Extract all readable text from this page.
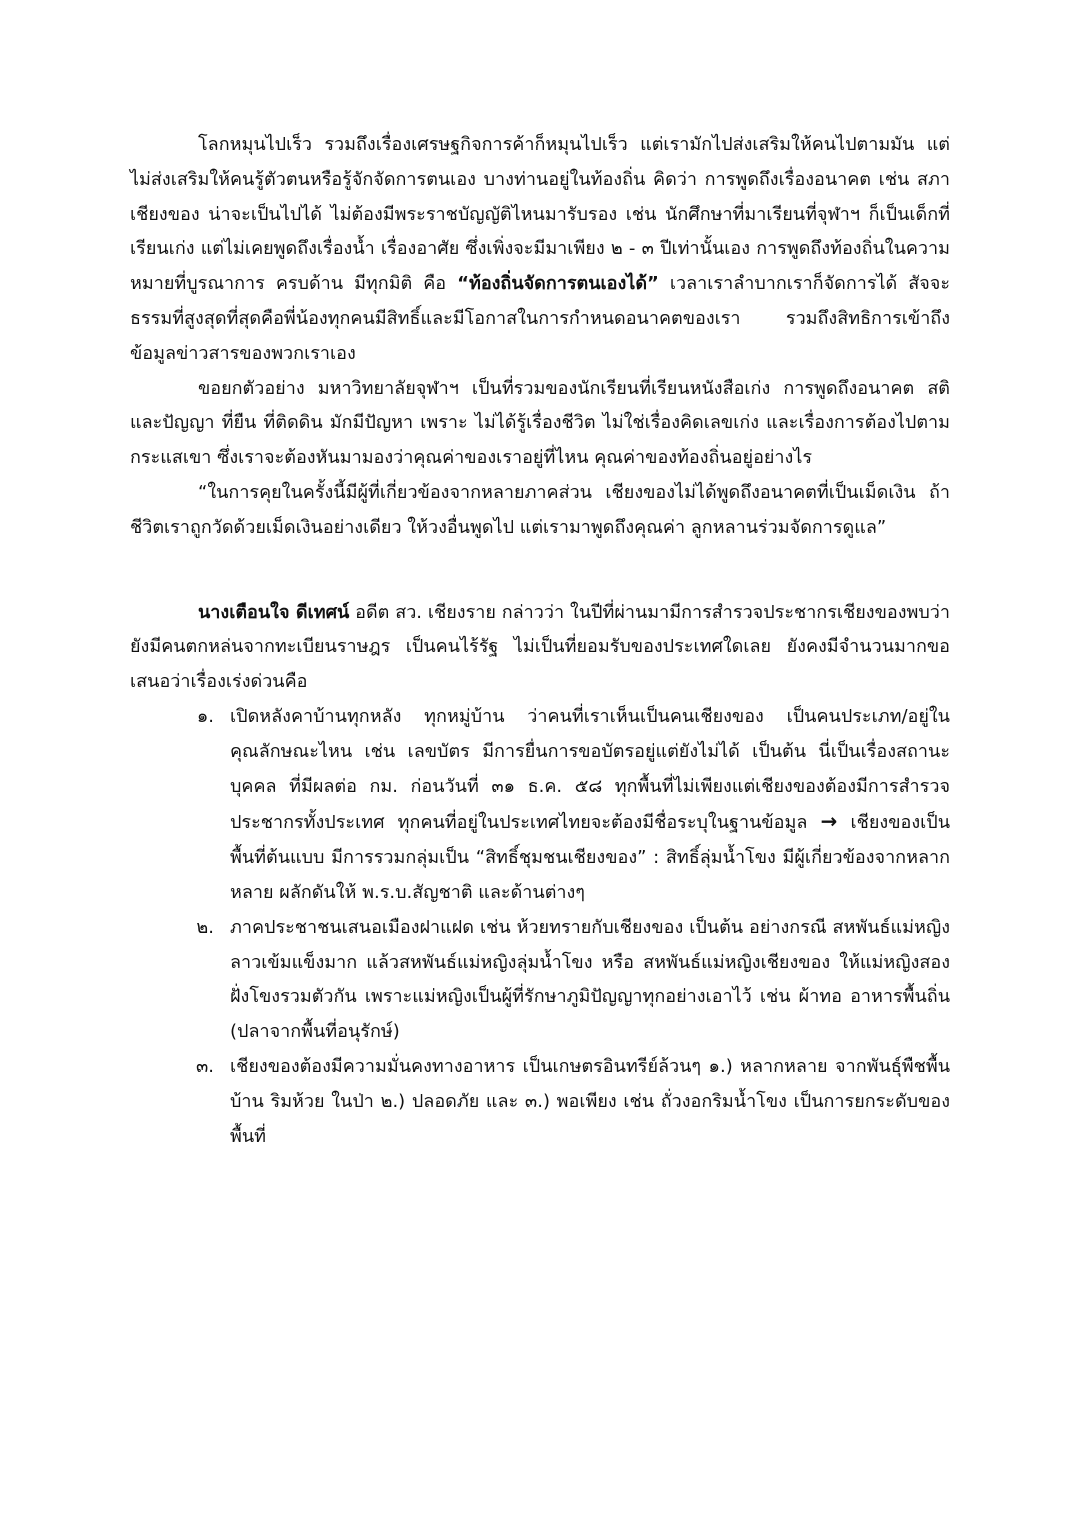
โลกหมุนไปเร็ว รวมถึงเรื่องเศรษฐกิจการค้าก็หมุนไปเร็ว แต่เรามักไปส่งเสริมให้คนไปตามมัน แต่ไม่ส่งเสริมให้คนรู้ตัวตนหรือรู้จักจัดการตนเอง บางท่านอยู่ในท้องถิ่น คิดว่า การพูดถึงเรื่องอนาคต เช่น สภาเชียงของ น่าจะเป็นไปได้ ไม่ต้องมีพระราชบัญญัติไหนมารับรอง เช่น นักศึกษาที่มาเรียนที่จุฬาฯ ก็เป็นเด็กที่เรียนเก่ง แต่ไม่เคยพูดถึงเรื่องน้ำ เรื่องอาศัย ซึ่งเพิ่งจะมีมาเพียง ๒ - ๓ ปีเท่านั้นเอง การพูดถึงท้องถิ่นในความหมายที่บูรณาการ ครบด้าน มีทุกมิติ คือ “ท้องถิ่นจัดการตนเองได้” เวลาเราลำบากเราก็จัดการได้ สัจจะธรรมที่สูงสุดที่สุดคือพี่น้องทุกคนมีสิทธิ์และมีโอกาสในการกำหนดอนาคตของเรา รวมถึงสิทธิการเข้าถึงข้อมูลข่าวสารของพวกเราเอง

ขอยกตัวอย่าง มหาวิทยาลัยจุฬาฯ เป็นที่รวมของนักเรียนที่เรียนหนังสือเก่ง การพูดถึงอนาคต สติและปัญญา ที่ยืน ที่ติดดิน มักมีปัญหา เพราะ ไม่ได้รู้เรื่องชีวิต ไม่ใช่เรื่องคิดเลขเก่ง และเรื่องการต้องไปตามกระแสเขา ซึ่งเราจะต้องหันมามองว่าคุณค่าของเราอยู่ที่ไหน คุณค่าของท้องถิ่นอยู่อย่างไร

“ในการคุยในครั้งนี้มีผู้ที่เกี่ยวข้องจากหลายภาคส่วน เชียงของไม่ได้พูดถึงอนาคตที่เป็นเม็ดเงิน ถ้าชีวิตเราถูกวัดด้วยเม็ดเงินอย่างเดียว ให้วงอื่นพูดไป แต่เรามาพูดถึงคุณค่า ลูกหลานร่วมจัดการดูแล”

นางเตือนใจ ดีเทศน์ อดีต สว. เชียงราย กล่าวว่า ในปีที่ผ่านมามีการสำรวจประชากรเชียงของพบว่า ยังมีคนตกหล่นจากทะเบียนราษฎร เป็นคนไร้รัฐ ไม่เป็นที่ยอมรับของประเทศใดเลย ยังคงมีจำนวนมากขอเสนอว่าเรื่องเร่งด่วนคือ

๑. เปิดหลังคาบ้านทุกหลัง ทุกหมู่บ้าน ว่าคนที่เราเห็นเป็นคนเชียงของ เป็นคนประเภท/อยู่ในคุณลักษณะไหน เช่น เลขบัตร มีการยื่นการขอบัตรอยู่แต่ยังไม่ได้ เป็นต้น นี่เป็นเรื่องสถานะบุคคล ที่มีผลต่อ กม. ก่อนวันที่ ๓๑ ธ.ค. ๕๘ ทุกพื้นที่ไม่เพียงแต่เชียงของต้องมีการสำรวจประชากรทั้งประเทศ ทุกคนที่อยู่ในประเทศไทยจะต้องมีชื่อระบุในฐานข้อมูล → เชียงของเป็นพื้นที่ต้นแบบ มีการรวมกลุ่มเป็น “สิทธิ์ชุมชนเชียงของ” : สิทธิ์ลุ่มน้ำโขง มีผู้เกี่ยวข้องจากหลากหลาย ผลักดันให้ พ.ร.บ.สัญชาติ และด้านต่างๆ
๒. ภาคประชาชนเสนอเมืองฝาแฝด เช่น ห้วยทรายกับเชียงของ เป็นต้น อย่างกรณี สหพันธ์แม่หญิงลาวเข้มแข็งมาก แล้วสหพันธ์แม่หญิงลุ่มน้ำโขง หรือ สหพันธ์แม่หญิงเชียงของ ให้แม่หญิงสองฝั่งโขงรวมตัวกัน เพราะแม่หญิงเป็นผู้ที่รักษาภูมิปัญญาทุกอย่างเอาไว้ เช่น ผ้าทอ อาหารพื้นถิ่น (ปลาจากพื้นที่อนุรักษ์)
๓. เชียงของต้องมีความมั่นคงทางอาหาร เป็นเกษตรอินทรีย์ล้วนๆ ๑.) หลากหลาย จากพันธุ์พืชพื้นบ้าน ริมห้วย ในป่า ๒.) ปลอดภัย และ ๓.) พอเพียง เช่น ถั่วงอกริมน้ำโขง เป็นการยกระดับของพื้นที่
